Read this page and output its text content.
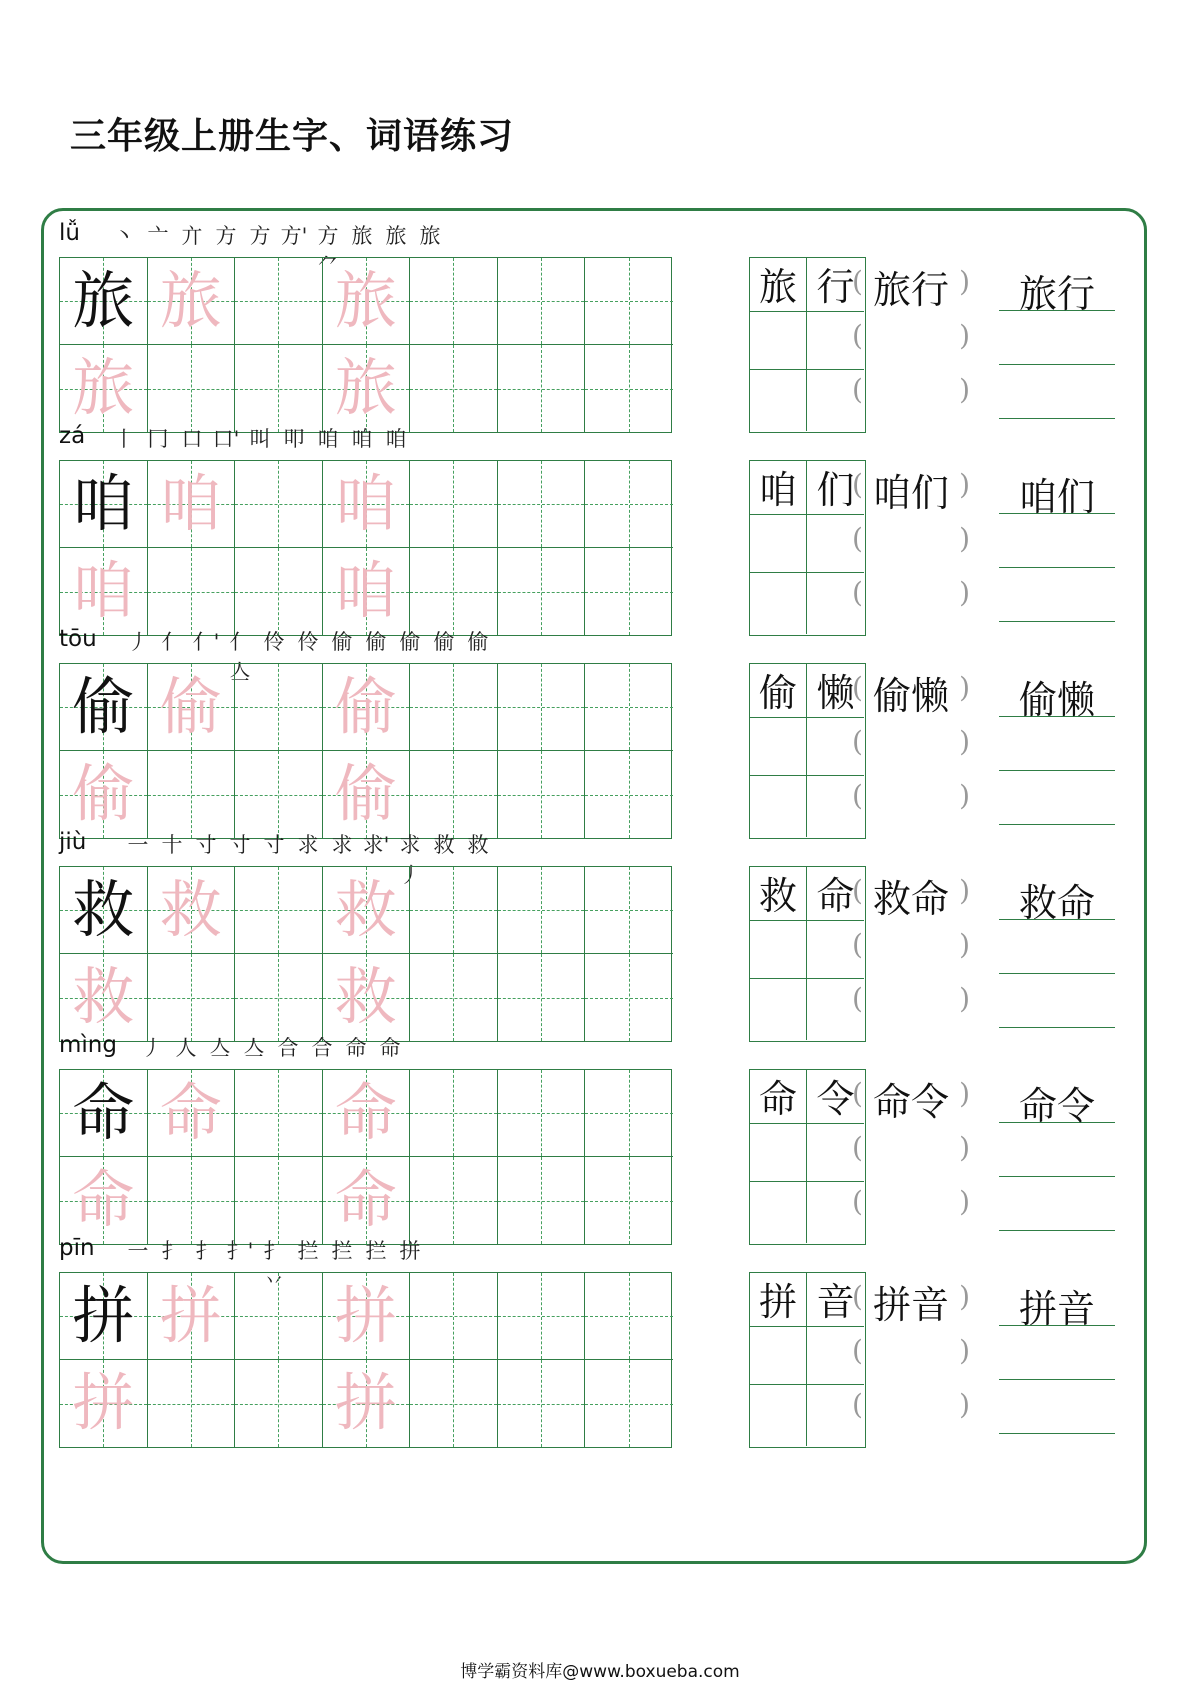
三年级上册生字、词语练习
lǚ 丶 亠 亣 方 方 方' 方⺈
旅 旅 旅
旅 旅 旅
旅	旅
旅 行
(	)
旅行
(	)
(	)
旅行
zá 丨 冂 口 口' 叫 叩 咱 咱 咱
咱 咱 咱
咱	咱
咱 们
(	)
咱们
(	)
(	)
咱们
tōu 丿 亻 亻' 亻亼
伶 伶 偷 偷 偷 偷 偷
偷 偷 偷
偷	偷
偷 懒
(	)
偷懒
(	)
(	)
偷懒
jiù 一 十 寸 寸 寸 求 求 求' 求丿
救 救
救 救 救
救	救
救 命
(	)
救命
(	)
(	)
救命
mìng 丿 人 亼 亼 合 合 命 命
命 命 命
命	命
命 令
(	)
命令
(	)
(	)
命令
pīn 一 扌 扌 扌' 扌丷
拦 拦 拦 拼
拼 拼 拼
拼	拼
拼 音
(	)
拼音
(	)
(	)
拼音
博学霸资料库@www.boxueba.com
